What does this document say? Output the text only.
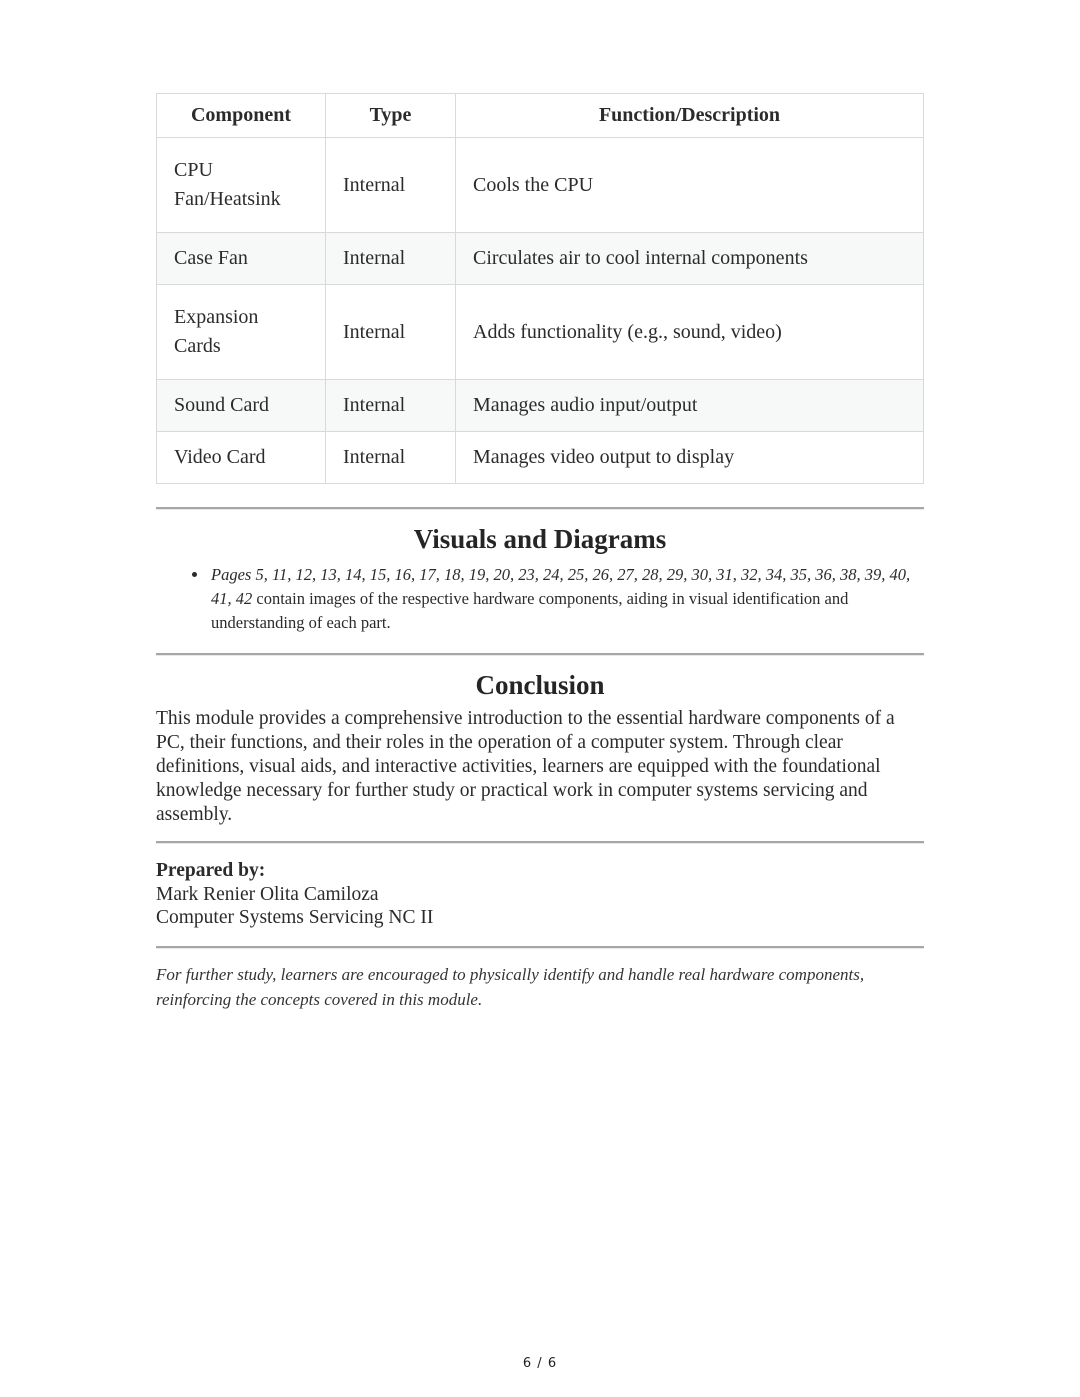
Component	Type	Function/Description
CPU Fan/Heatsink	Internal	Cools the CPU
Case Fan	Internal	Circulates air to cool internal components
Expansion Cards	Internal	Adds functionality (e.g., sound, video)
Sound Card	Internal	Manages audio input/output
Video Card	Internal	Manages video output to display
Visuals and Diagrams
• Pages 5, 11, 12, 13, 14, 15, 16, 17, 18, 19, 20, 23, 24, 25, 26, 27, 28, 29, 30, 31, 32, 34, 35, 36, 38, 39, 40, 41, 42 contain images of the respective hardware components, aiding in visual identification and understanding of each part.
Conclusion

This module provides a comprehensive introduction to the essential hardware components of a PC, their functions, and their roles in the operation of a computer system. Through clear definitions, visual aids, and interactive activities, learners are equipped with the foundational knowledge necessary for further study or practical work in computer systems servicing and assembly.

Prepared by:
Mark Renier Olita Camiloza
Computer Systems Servicing NC II

For further study, learners are encouraged to physically identify and handle real hardware components, reinforcing the concepts covered in this module.

6 / 6
